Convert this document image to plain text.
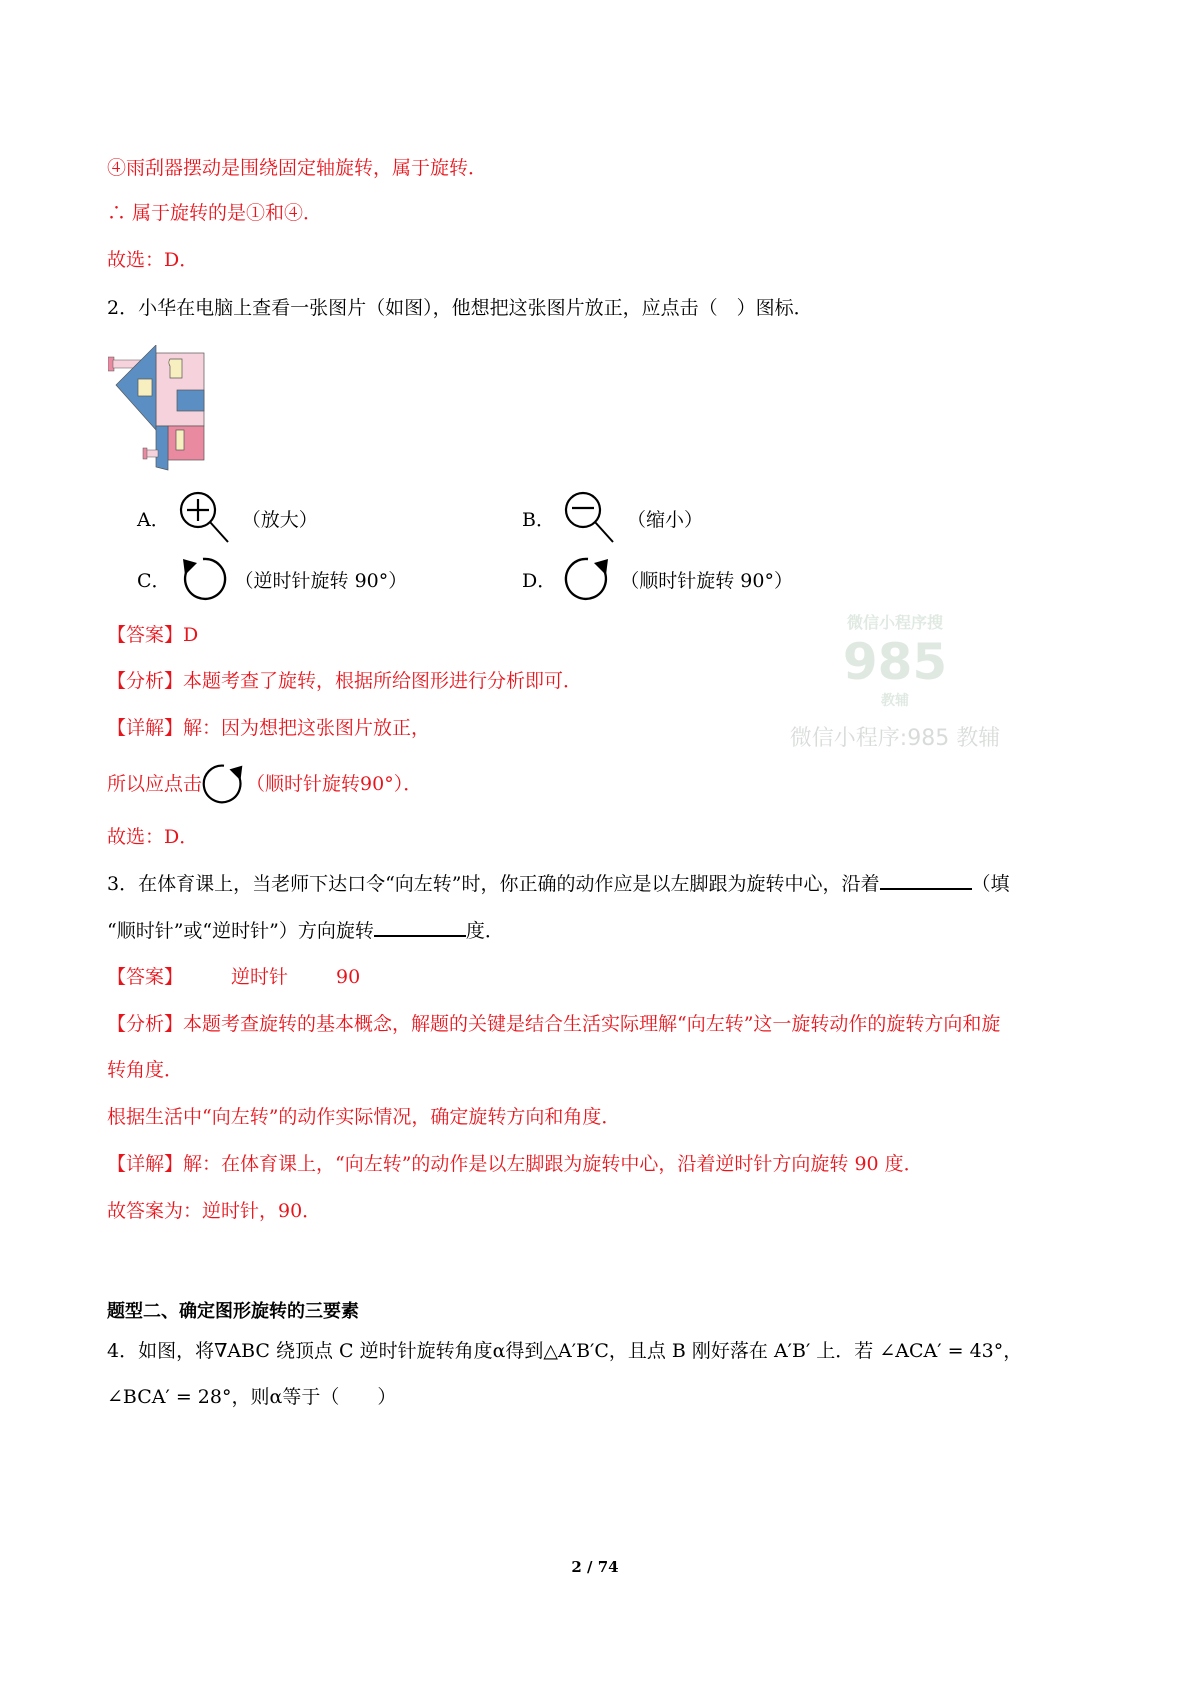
④雨刮器摆动是围绕固定轴旋转，属于旋转．
∴ 属于旋转的是①和④．
故选：D．
2．小华在电脑上查看一张图片（如图），他想把这张图片放正，应点击（　）图标．
A．	（放大）	B．	（缩小）
C．	（逆时针旋转 90°）	D．	（顺时针旋转 90°）
微信小程序搜
985
教辅
微信小程序:985 教辅
【答案】D
【分析】本题考查了旋转，根据所给图形进行分析即可．
【详解】解：因为想把这张图片放正，
所以应点击 （顺时针旋转90°）．
故选：D．
3．在体育课上，当老师下达口令“向左转”时，你正确的动作应是以左脚跟为旋转中心，沿着	（填
“顺时针”或“逆时针”）方向旋转	度．
【答案】	逆时针	90
【分析】本题考查旋转的基本概念，解题的关键是结合生活实际理解“向左转”这一旋转动作的旋转方向和旋
转角度．
根据生活中“向左转”的动作实际情况，确定旋转方向和角度．
【详解】解：在体育课上，“向左转”的动作是以左脚跟为旋转中心，沿着逆时针方向旋转 90 度．
故答案为：逆时针，90．
题型二、确定图形旋转的三要素
4．如图，将∇ABC 绕顶点 C 逆时针旋转角度α得到△A′B′C，且点 B 刚好落在 A′B′ 上．若 ∠ACA′ = 43°，
∠BCA′ = 28°，则α等于（　　）
2 / 74
